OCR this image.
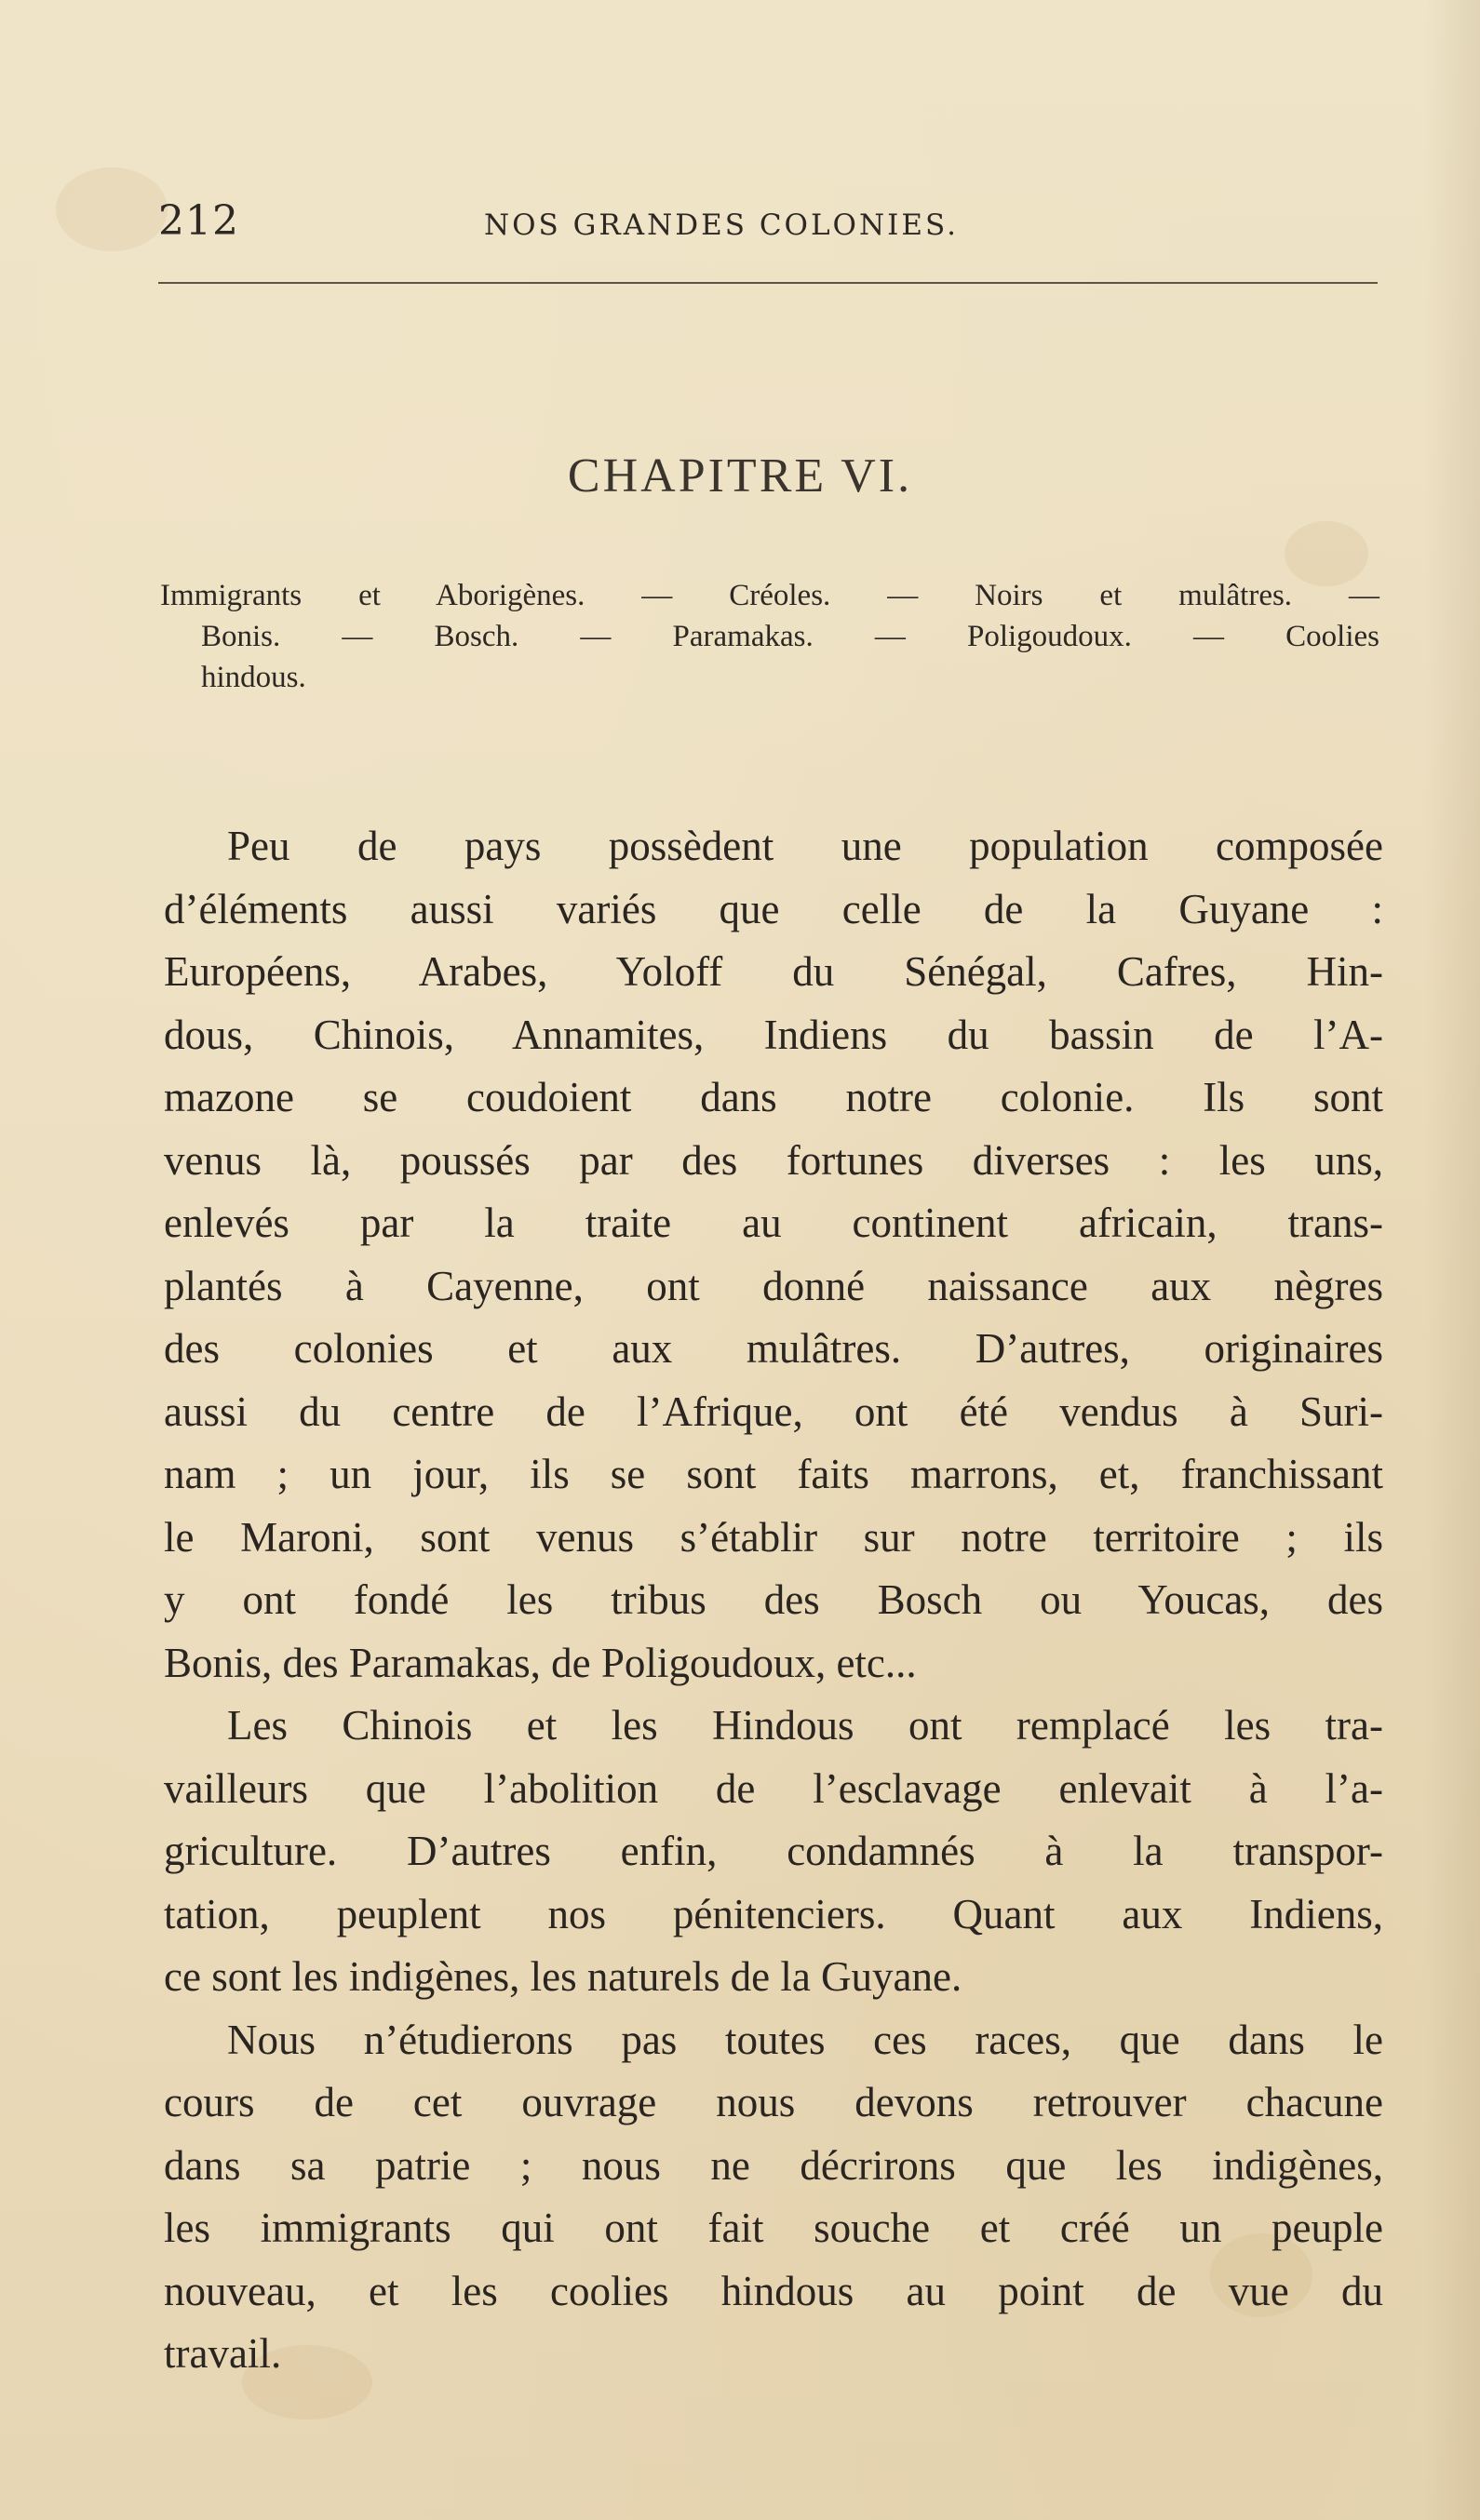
212	NOS GRANDES COLONIES.
CHAPITRE VI.
Immigrants et Aborigènes. — Créoles. — Noirs et mulâtres. —
Bonis. — Bosch. — Paramakas. — Poligoudoux. — Coolies
hindous.
Peu de pays possèdent une population composée
d’éléments aussi variés que celle de la Guyane :
Européens, Arabes, Yoloff du Sénégal, Cafres, Hin-
dous, Chinois, Annamites, Indiens du bassin de l’A-
mazone se coudoient dans notre colonie. Ils sont
venus là, poussés par des fortunes diverses : les uns,
enlevés par la traite au continent africain, trans-
plantés à Cayenne, ont donné naissance aux nègres
des colonies et aux mulâtres. D’autres, originaires
aussi du centre de l’Afrique, ont été vendus à Suri-
nam ; un jour, ils se sont faits marrons, et, franchissant
le Maroni, sont venus s’établir sur notre territoire ; ils
y ont fondé les tribus des Bosch ou Youcas, des
Bonis, des Paramakas, de Poligoudoux, etc...
Les Chinois et les Hindous ont remplacé les tra-
vailleurs que l’abolition de l’esclavage enlevait à l’a-
griculture. D’autres enfin, condamnés à la transpor-
tation, peuplent nos pénitenciers. Quant aux Indiens,
ce sont les indigènes, les naturels de la Guyane.
Nous n’étudierons pas toutes ces races, que dans le
cours de cet ouvrage nous devons retrouver chacune
dans sa patrie ; nous ne décrirons que les indigènes,
les immigrants qui ont fait souche et créé un peuple
nouveau, et les coolies hindous au point de vue du
travail.
